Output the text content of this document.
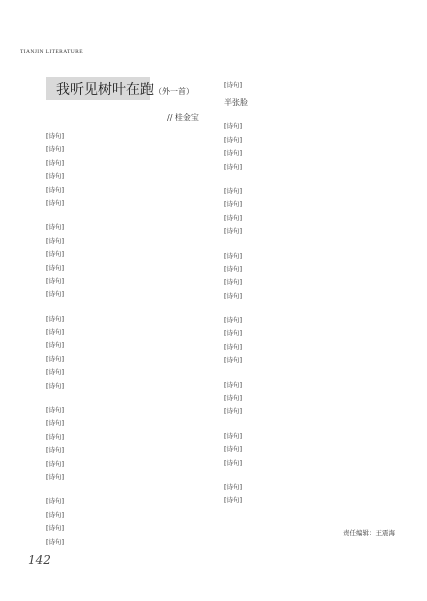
TIANJIN LITERATURE
我听见树叶在跑（外一首）
// 桂金宝
[诗句]
[诗句]
[诗句]
[诗句]
[诗句]
[诗句]
[诗句]
[诗句]
[诗句]
[诗句]
[诗句]
[诗句]
[诗句]
[诗句]
[诗句]
[诗句]
[诗句]
[诗句]
[诗句]
[诗句]
[诗句]
[诗句]
[诗句]
[诗句]
[诗句]
[诗句]
[诗句]
[诗句]
[诗句]
半张脸
[诗句]
[诗句]
[诗句]
[诗句]
[诗句]
[诗句]
[诗句]
[诗句]
[诗句]
[诗句]
[诗句]
[诗句]
[诗句]
[诗句]
[诗句]
[诗句]
[诗句]
[诗句]
[诗句]
[诗句]
[诗句]
[诗句]
[诗句]
[诗句]
责任编辑：王震海
142
